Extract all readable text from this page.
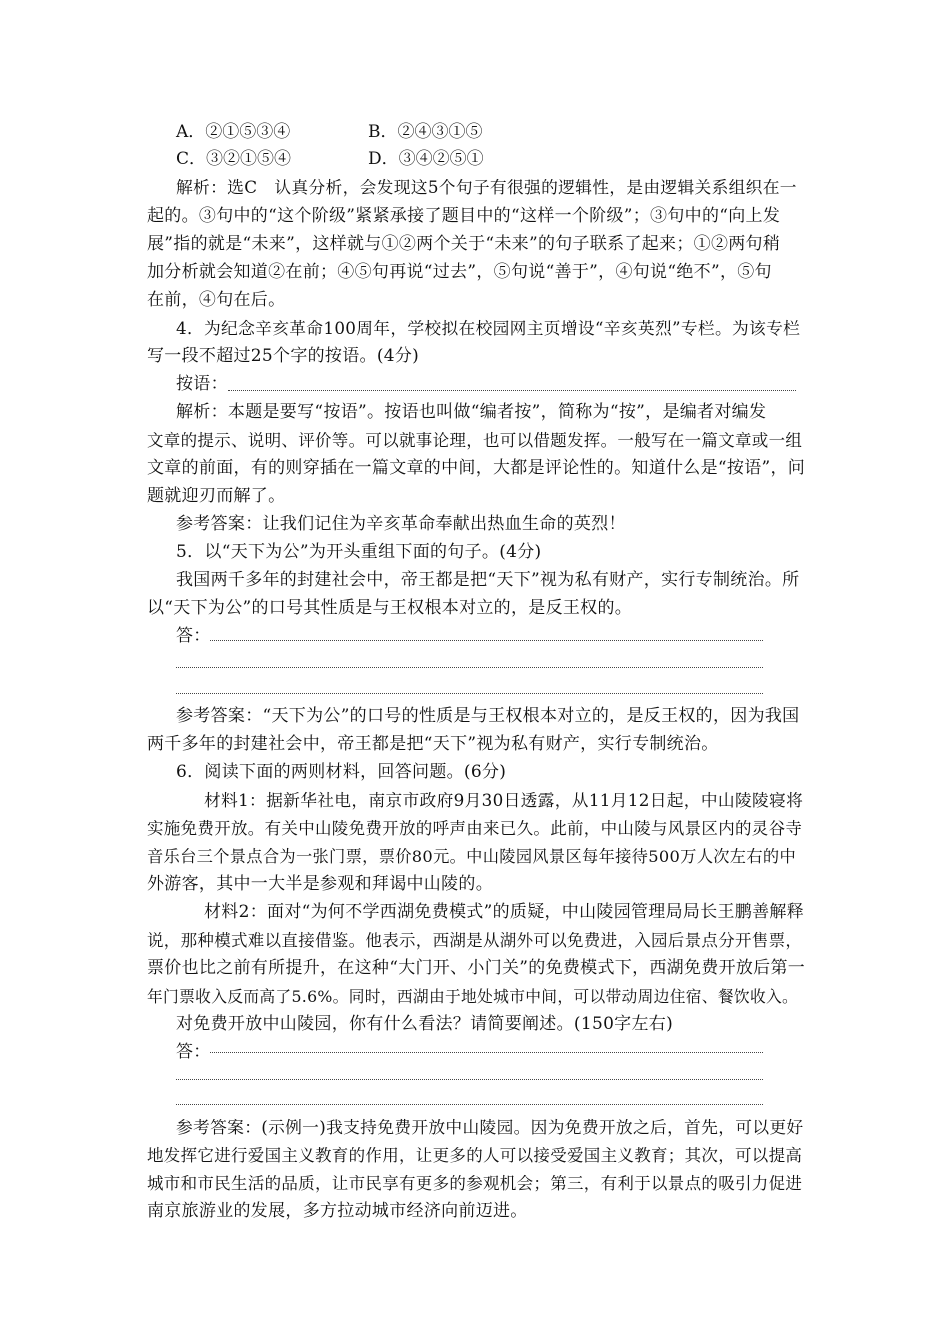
A．②①⑤③④	B．②④③①⑤
C．③②①⑤④	D．③④②⑤①
解析：选C　认真分析，会发现这5个句子有很强的逻辑性，是由逻辑关系组织在一
起的。③句中的“这个阶级”紧紧承接了题目中的“这样一个阶级”；③句中的“向上发
展”指的就是“未来”，这样就与①②两个关于“未来”的句子联系了起来；①②两句稍
加分析就会知道②在前；④⑤句再说“过去”，⑤句说“善于”，④句说“绝不”，⑤句
在前，④句在后。
4．为纪念辛亥革命100周年，学校拟在校园网主页增设“辛亥英烈”专栏。为该专栏
写一段不超过25个字的按语。(4分)
按语：
解析：本题是要写“按语”。按语也叫做“编者按”，简称为“按”，是编者对编发
文章的提示、说明、评价等。可以就事论理，也可以借题发挥。一般写在一篇文章或一组
文章的前面，有的则穿插在一篇文章的中间，大都是评论性的。知道什么是“按语”，问
题就迎刃而解了。
参考答案：让我们记住为辛亥革命奉献出热血生命的英烈！
5．以“天下为公”为开头重组下面的句子。(4分)
我国两千多年的封建社会中，帝王都是把“天下”视为私有财产，实行专制统治。所
以“天下为公”的口号其性质是与王权根本对立的，是反王权的。
答：
参考答案：“天下为公”的口号的性质是与王权根本对立的，是反王权的，因为我国
两千多年的封建社会中，帝王都是把“天下”视为私有财产，实行专制统治。
6．阅读下面的两则材料，回答问题。(6分)
材料1：据新华社电，南京市政府9月30日透露，从11月12日起，中山陵陵寝将
实施免费开放。有关中山陵免费开放的呼声由来已久。此前，中山陵与风景区内的灵谷寺
音乐台三个景点合为一张门票，票价80元。中山陵园风景区每年接待500万人次左右的中
外游客，其中一大半是参观和拜谒中山陵的。
材料2：面对“为何不学西湖免费模式”的质疑，中山陵园管理局局长王鹏善解释
说，那种模式难以直接借鉴。他表示，西湖是从湖外可以免费进，入园后景点分开售票，
票价也比之前有所提升，在这种“大门开、小门关”的免费模式下，西湖免费开放后第一
年门票收入反而高了5.6%。同时，西湖由于地处城市中间，可以带动周边住宿、餐饮收入。
对免费开放中山陵园，你有什么看法？请简要阐述。(150字左右)
答：
参考答案：(示例一)我支持免费开放中山陵园。因为免费开放之后，首先，可以更好
地发挥它进行爱国主义教育的作用，让更多的人可以接受爱国主义教育；其次，可以提高
城市和市民生活的品质，让市民享有更多的参观机会；第三，有利于以景点的吸引力促进
南京旅游业的发展，多方拉动城市经济向前迈进。
